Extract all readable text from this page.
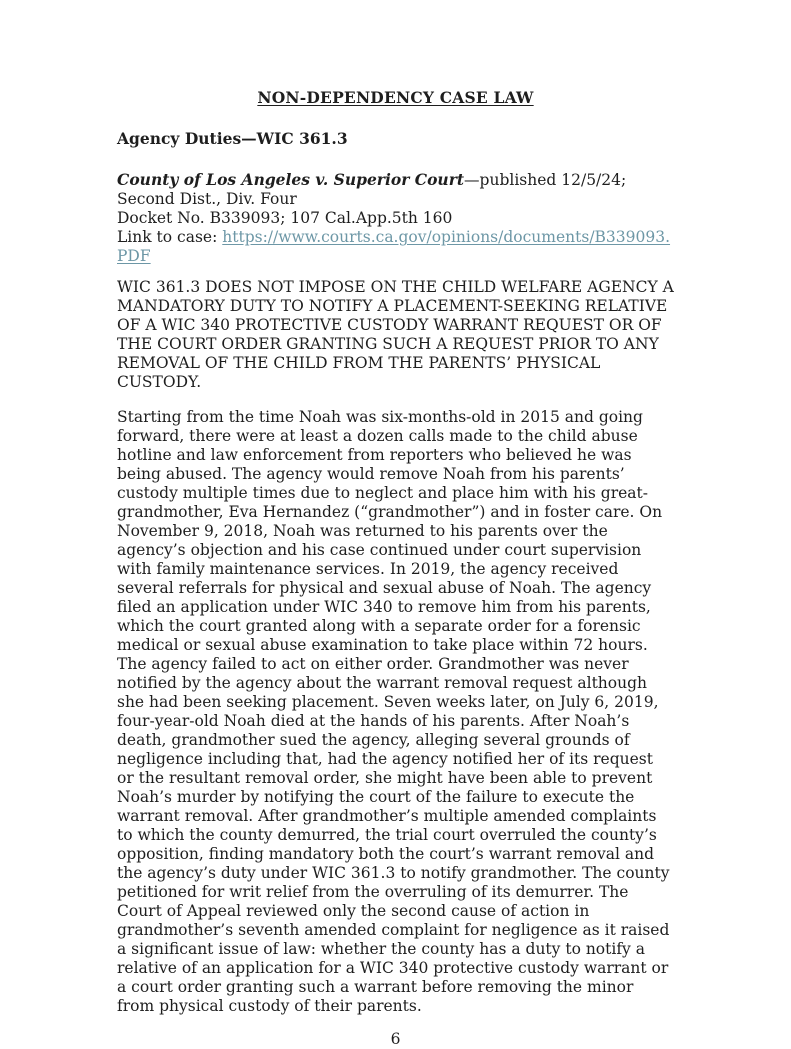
NON-DEPENDENCY CASE LAW
Agency Duties—WIC 361.3

County of Los Angeles v. Superior Court—published 12/5/24; Second Dist., Div. Four

Docket No. B339093; 107 Cal.App.5th 160

Link to case: https://www.courts.ca.gov/opinions/documents/B339093.PDF

WIC 361.3 DOES NOT IMPOSE ON THE CHILD WELFARE AGENCY A MANDATORY DUTY TO NOTIFY A PLACEMENT-SEEKING RELATIVE OF A WIC 340 PROTECTIVE CUSTODY WARRANT REQUEST OR OF THE COURT ORDER GRANTING SUCH A REQUEST PRIOR TO ANY REMOVAL OF THE CHILD FROM THE PARENTS’ PHYSICAL CUSTODY.

Starting from the time Noah was six-months-old in 2015 and going forward, there were at least a dozen calls made to the child abuse hotline and law enforcement from reporters who believed he was being abused. The agency would remove Noah from his parents’ custody multiple times due to neglect and place him with his great-grandmother, Eva Hernandez (“grandmother”) and in foster care. On November 9, 2018, Noah was returned to his parents over the agency’s objection and his case continued under court supervision with family maintenance services. In 2019, the agency received several referrals for physical and sexual abuse of Noah. The agency filed an application under WIC 340 to remove him from his parents, which the court granted along with a separate order for a forensic medical or sexual abuse examination to take place within 72 hours. The agency failed to act on either order. Grandmother was never notified by the agency about the warrant removal request although she had been seeking placement. Seven weeks later, on July 6, 2019, four-year-old Noah died at the hands of his parents. After Noah’s death, grandmother sued the agency, alleging several grounds of negligence including that, had the agency notified her of its request or the resultant removal order, she might have been able to prevent Noah’s murder by notifying the court of the failure to execute the warrant removal. After grandmother’s multiple amended complaints to which the county demurred, the trial court overruled the county’s opposition, finding mandatory both the court’s warrant removal and the agency’s duty under WIC 361.3 to notify grandmother. The county petitioned for writ relief from the overruling of its demurrer. The Court of Appeal reviewed only the second cause of action in grandmother’s seventh amended complaint for negligence as it raised a significant issue of law: whether the county has a duty to notify a relative of an application for a WIC 340 protective custody warrant or a court order granting such a warrant before removing the minor from physical custody of their parents.

6
